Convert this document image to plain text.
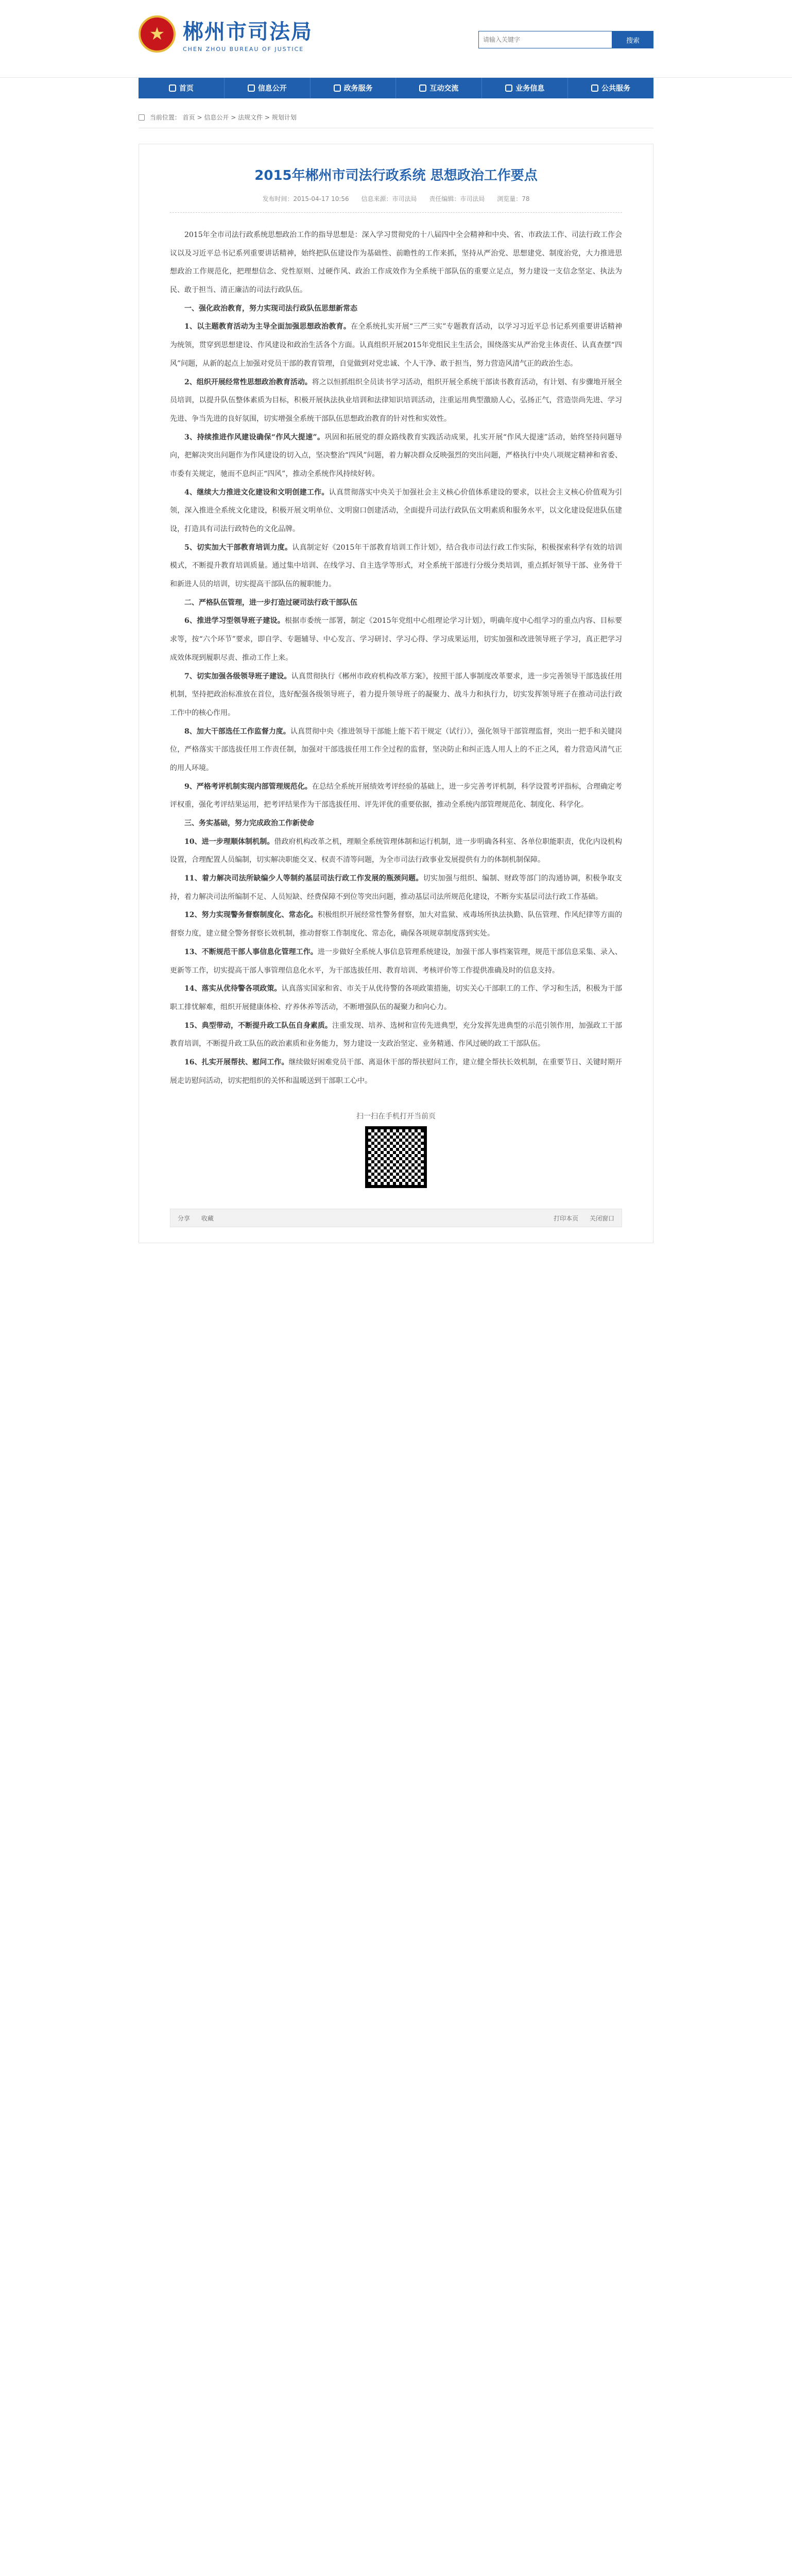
★ 郴州市司法局
CHEN ZHOU BUREAU OF JUSTICE
请输入关键字
搜索
首页	信息公开	政务服务	互动交流	业务信息	公共服务
当前位置： 首页 > 信息公开 > 法规文件 > 规划计划
2015年郴州市司法行政系统 思想政治工作要点
发布时间：2015-04-17 10:56 信息来源：市司法局 责任编辑：市司法局 浏览量：78

2015年全市司法行政系统思想政治工作的指导思想是：深入学习贯彻党的十八届四中全会精神和中央、省、市政法工作、司法行政工作会议以及习近平总书记系列重要讲话精神，始终把队伍建设作为基础性、前瞻性的工作来抓，坚持从严治党、思想建党、制度治党，大力推进思想政治工作规范化，把理想信念、党性原则、过硬作风、政治工作成效作为全系统干部队伍的重要立足点，努力建设一支信念坚定、执法为民、敢于担当、清正廉洁的司法行政队伍。

一、强化政治教育，努力实现司法行政队伍思想新常态

1、以主题教育活动为主导全面加强思想政治教育。在全系统扎实开展“三严三实”专题教育活动，以学习习近平总书记系列重要讲话精神为统领，贯穿到思想建设、作风建设和政治生活各个方面。认真组织开展2015年党组民主生活会，围绕落实从严治党主体责任、认真查摆“四风”问题，从新的起点上加强对党员干部的教育管理，自觉做到对党忠诚、个人干净、敢于担当，努力营造风清气正的政治生态。

2、组织开展经常性思想政治教育活动。将之以恒抓组织全员读书学习活动，组织开展全系统干部读书教育活动，有计划、有步骤地开展全员培训，以提升队伍整体素质为目标，积极开展执法执业培训和法律知识培训活动，注重运用典型激励人心，弘扬正气，营造崇尚先进、学习先进、争当先进的良好氛围，切实增强全系统干部队伍思想政治教育的针对性和实效性。

3、持续推进作风建设确保“作风大提速”。巩固和拓展党的群众路线教育实践活动成果，扎实开展“作风大提速”活动，始终坚持问题导向，把解决突出问题作为作风建设的切入点，坚决整治“四风”问题，着力解决群众反映强烈的突出问题，严格执行中央八项规定精神和省委、市委有关规定，驰而不息纠正“四风”，推动全系统作风持续好转。

4、继续大力推进文化建设和文明创建工作。认真贯彻落实中央关于加强社会主义核心价值体系建设的要求，以社会主义核心价值观为引领，深入推进全系统文化建设，积极开展文明单位、文明窗口创建活动，全面提升司法行政队伍文明素质和服务水平，以文化建设促进队伍建设，打造具有司法行政特色的文化品牌。

5、切实加大干部教育培训力度。认真制定好《2015年干部教育培训工作计划》，结合我市司法行政工作实际，积极探索科学有效的培训模式，不断提升教育培训质量。通过集中培训、在线学习、自主选学等形式，对全系统干部进行分级分类培训，重点抓好领导干部、业务骨干和新进人员的培训，切实提高干部队伍的履职能力。

二、严格队伍管理，进一步打造过硬司法行政干部队伍

6、推进学习型领导班子建设。根据市委统一部署，制定《2015年党组中心组理论学习计划》，明确年度中心组学习的重点内容、目标要求等，按“六个环节”要求，即自学、专题辅导、中心发言、学习研讨、学习心得、学习成果运用，切实加强和改进领导班子学习，真正把学习成效体现到履职尽责、推动工作上来。

7、切实加强各级领导班子建设。认真贯彻执行《郴州市政府机构改革方案》，按照干部人事制度改革要求，进一步完善领导干部选拔任用机制，坚持把政治标准放在首位，选好配强各级领导班子，着力提升领导班子的凝聚力、战斗力和执行力，切实发挥领导班子在推动司法行政工作中的核心作用。

8、加大干部选任工作监督力度。认真贯彻中央《推进领导干部能上能下若干规定（试行）》，强化领导干部管理监督，突出一把手和关键岗位，严格落实干部选拔任用工作责任制，加强对干部选拔任用工作全过程的监督，坚决防止和纠正选人用人上的不正之风，着力营造风清气正的用人环境。

9、严格考评机制实现内部管理规范化。在总结全系统开展绩效考评经验的基础上，进一步完善考评机制，科学设置考评指标，合理确定考评权重，强化考评结果运用，把考评结果作为干部选拔任用、评先评优的重要依据，推动全系统内部管理规范化、制度化、科学化。

三、务实基础，努力完成政治工作新使命

10、进一步理顺体制机制。借政府机构改革之机，理顺全系统管理体制和运行机制，进一步明确各科室、各单位职能职责，优化内设机构设置，合理配置人员编制，切实解决职能交叉、权责不清等问题，为全市司法行政事业发展提供有力的体制机制保障。

11、着力解决司法所缺编少人等制约基层司法行政工作发展的瓶颈问题。切实加强与组织、编制、财政等部门的沟通协调，积极争取支持，着力解决司法所编制不足、人员短缺、经费保障不到位等突出问题，推动基层司法所规范化建设，不断夯实基层司法行政工作基础。

12、努力实现警务督察制度化、常态化。积极组织开展经常性警务督察，加大对监狱、戒毒场所执法执勤、队伍管理、作风纪律等方面的督察力度，建立健全警务督察长效机制，推动督察工作制度化、常态化，确保各项规章制度落到实处。

13、不断规范干部人事信息化管理工作。进一步做好全系统人事信息管理系统建设，加强干部人事档案管理，规范干部信息采集、录入、更新等工作，切实提高干部人事管理信息化水平，为干部选拔任用、教育培训、考核评价等工作提供准确及时的信息支持。

14、落实从优待警各项政策。认真落实国家和省、市关于从优待警的各项政策措施，切实关心干部职工的工作、学习和生活，积极为干部职工排忧解难，组织开展健康体检、疗养休养等活动，不断增强队伍的凝聚力和向心力。

15、典型带动，不断提升政工队伍自身素质。注重发现、培养、选树和宣传先进典型，充分发挥先进典型的示范引领作用，加强政工干部教育培训，不断提升政工队伍的政治素质和业务能力，努力建设一支政治坚定、业务精通、作风过硬的政工干部队伍。

16、扎实开展帮扶、慰问工作。继续做好困难党员干部、离退休干部的帮扶慰问工作，建立健全帮扶长效机制，在重要节日、关键时期开展走访慰问活动，切实把组织的关怀和温暖送到干部职工心中。

扫一扫在手机打开当前页
分享 收藏	打印本页 关闭窗口
